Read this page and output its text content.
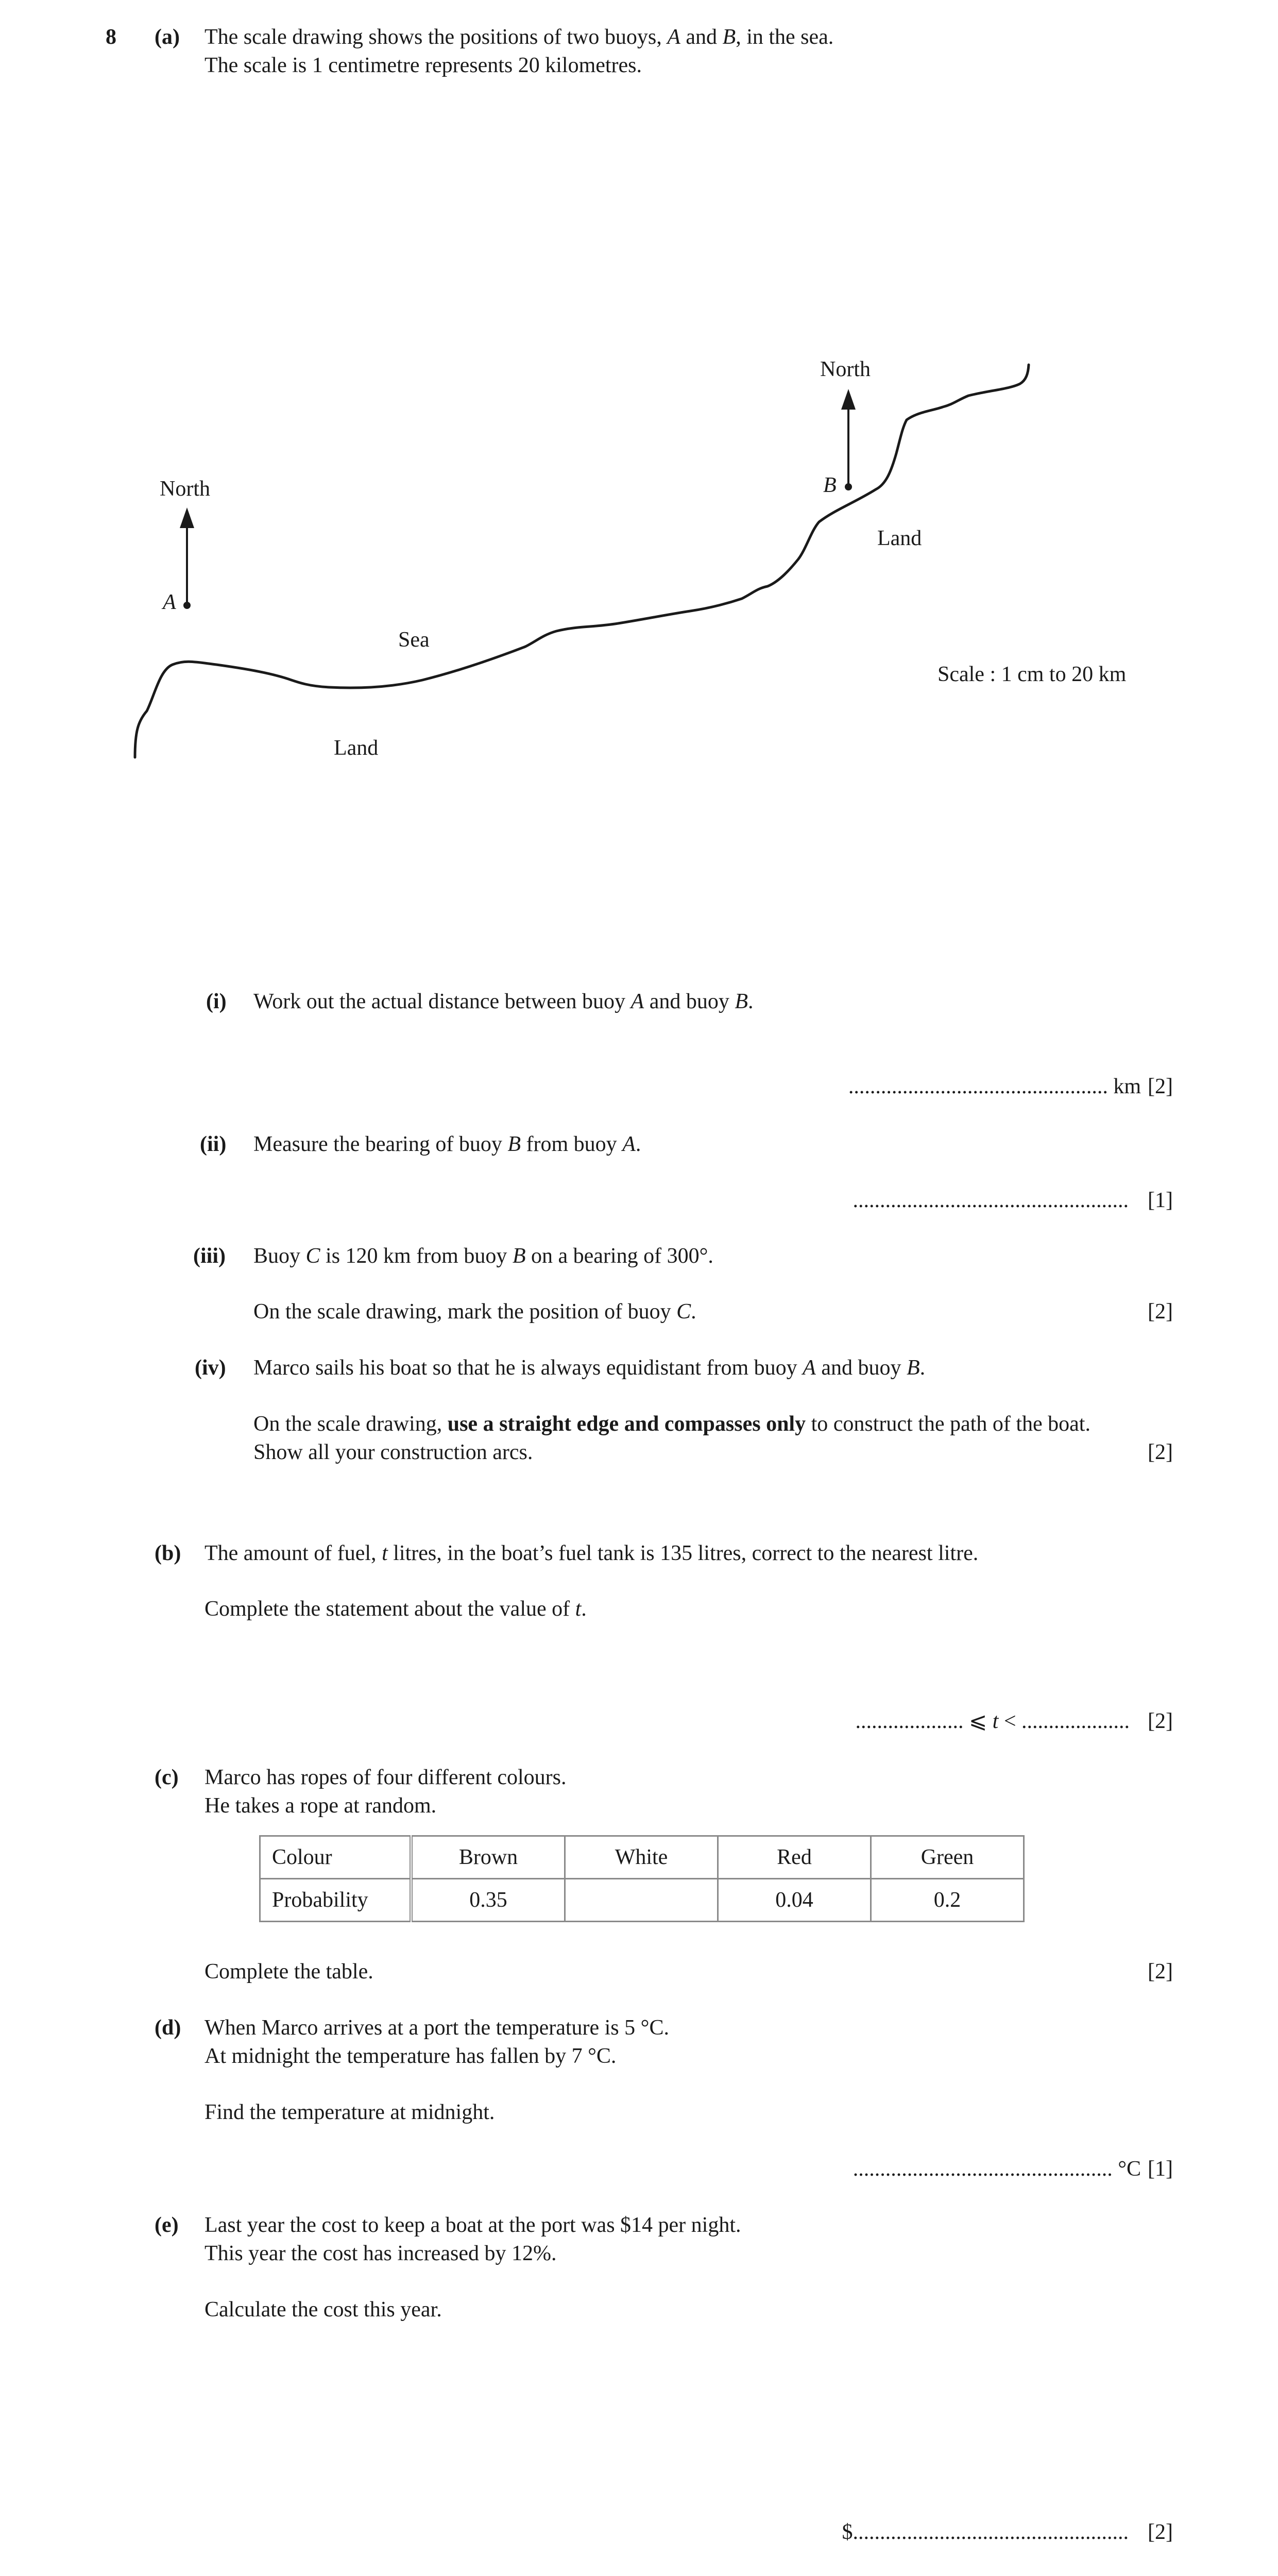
8 (a) The scale drawing shows the positions of two buoys, A and B, in the sea.
The scale is 1 centimetre represents 20 kilometres.
North
North
A
B
Sea
Land
Land
Scale : 1 cm to 20 km
(i) Work out the actual distance between buoy A and buoy B.
................................................ km [2]
(ii) Measure the bearing of buoy B from buoy A.
................................................... [1]
(iii) Buoy C is 120 km from buoy B on a bearing of 300°.
On the scale drawing, mark the position of buoy C.	[2]
(iv) Marco sails his boat so that he is always equidistant from buoy A and buoy B.
On the scale drawing, use a straight edge and compasses only to construct the path of the boat.
Show all your construction arcs.	[2]
(b) The amount of fuel, t litres, in the boat’s fuel tank is 135 litres, correct to the nearest litre.
Complete the statement about the value of t.
.................... ⩽ t < .................... [2]
(c) Marco has ropes of four different colours.
He takes a rope at random.
Colour	Brown	White	Red	Green
Probability	0.35		0.04	0.2
Complete the table.	[2]
(d) When Marco arrives at a port the temperature is 5 °C.
At midnight the temperature has fallen by 7 °C.
Find the temperature at midnight.
................................................ °C [1]
(e) Last year the cost to keep a boat at the port was $14 per night.
This year the cost has increased by 12%.
Calculate the cost this year.
$................................................... [2]
